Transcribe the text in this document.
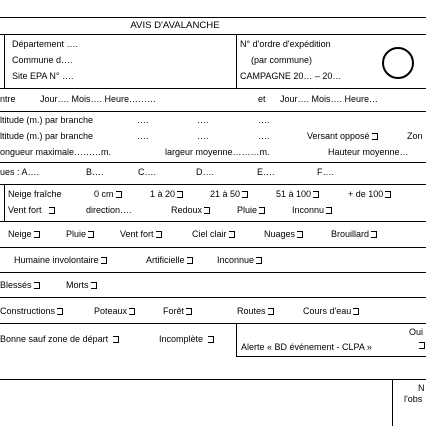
AVIS D'AVALANCHE
Département ….
Commune d….
Site EPA N° ….
N° d'ordre d'expédition
(par commune)
CAMPAGNE 20… – 20…
ntre	Jour…. Mois…. Heure………	et Jour…. Mois…. Heure…
ltitude (m.) par branche	….	….	….
ltitude (m.) par branche	….	….	….	Versant opposé	Zon
ongueur maximale………m.	largeur moyenne………m.	Hauteur moyenne…
ues : A….	B….	C….	D….	E….	F….
Neige fraîche	0 cm	1 à 20	21 à 50	51 à 100	+ de 100
Vent fort	direction….	Redoux	Pluie	Inconnu
Neige	Pluie	Vent fort	Ciel clair	Nuages	Brouillard
Humaine involontaire	Artificielle	Inconnue
Blessés	Morts
Constructions	Poteaux	Forêt	Routes	Cours d'eau
Bonne sauf zone de départ	Incomplète
Oui
Alerte « BD événement - CLPA »
N
l'obs
